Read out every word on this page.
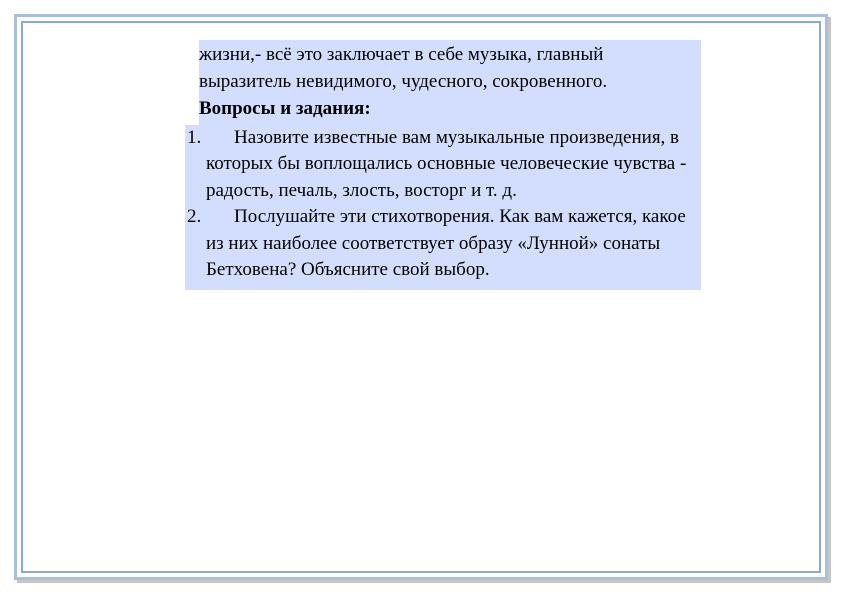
жизни,- всё это заключает в себе музыка, главный выразитель невидимого, чудесного, сокровенного.
Вопросы и задания:
1. Назовите известные вам музыкальные произведения, в которых бы воплощались основные человеческие чувства - радость, печаль, злость, восторг и т. д.
2. Послушайте эти стихотворения. Как вам кажется, какое из них наиболее соответствует образу «Лунной» сонаты Бетховена? Объясните свой выбор.
